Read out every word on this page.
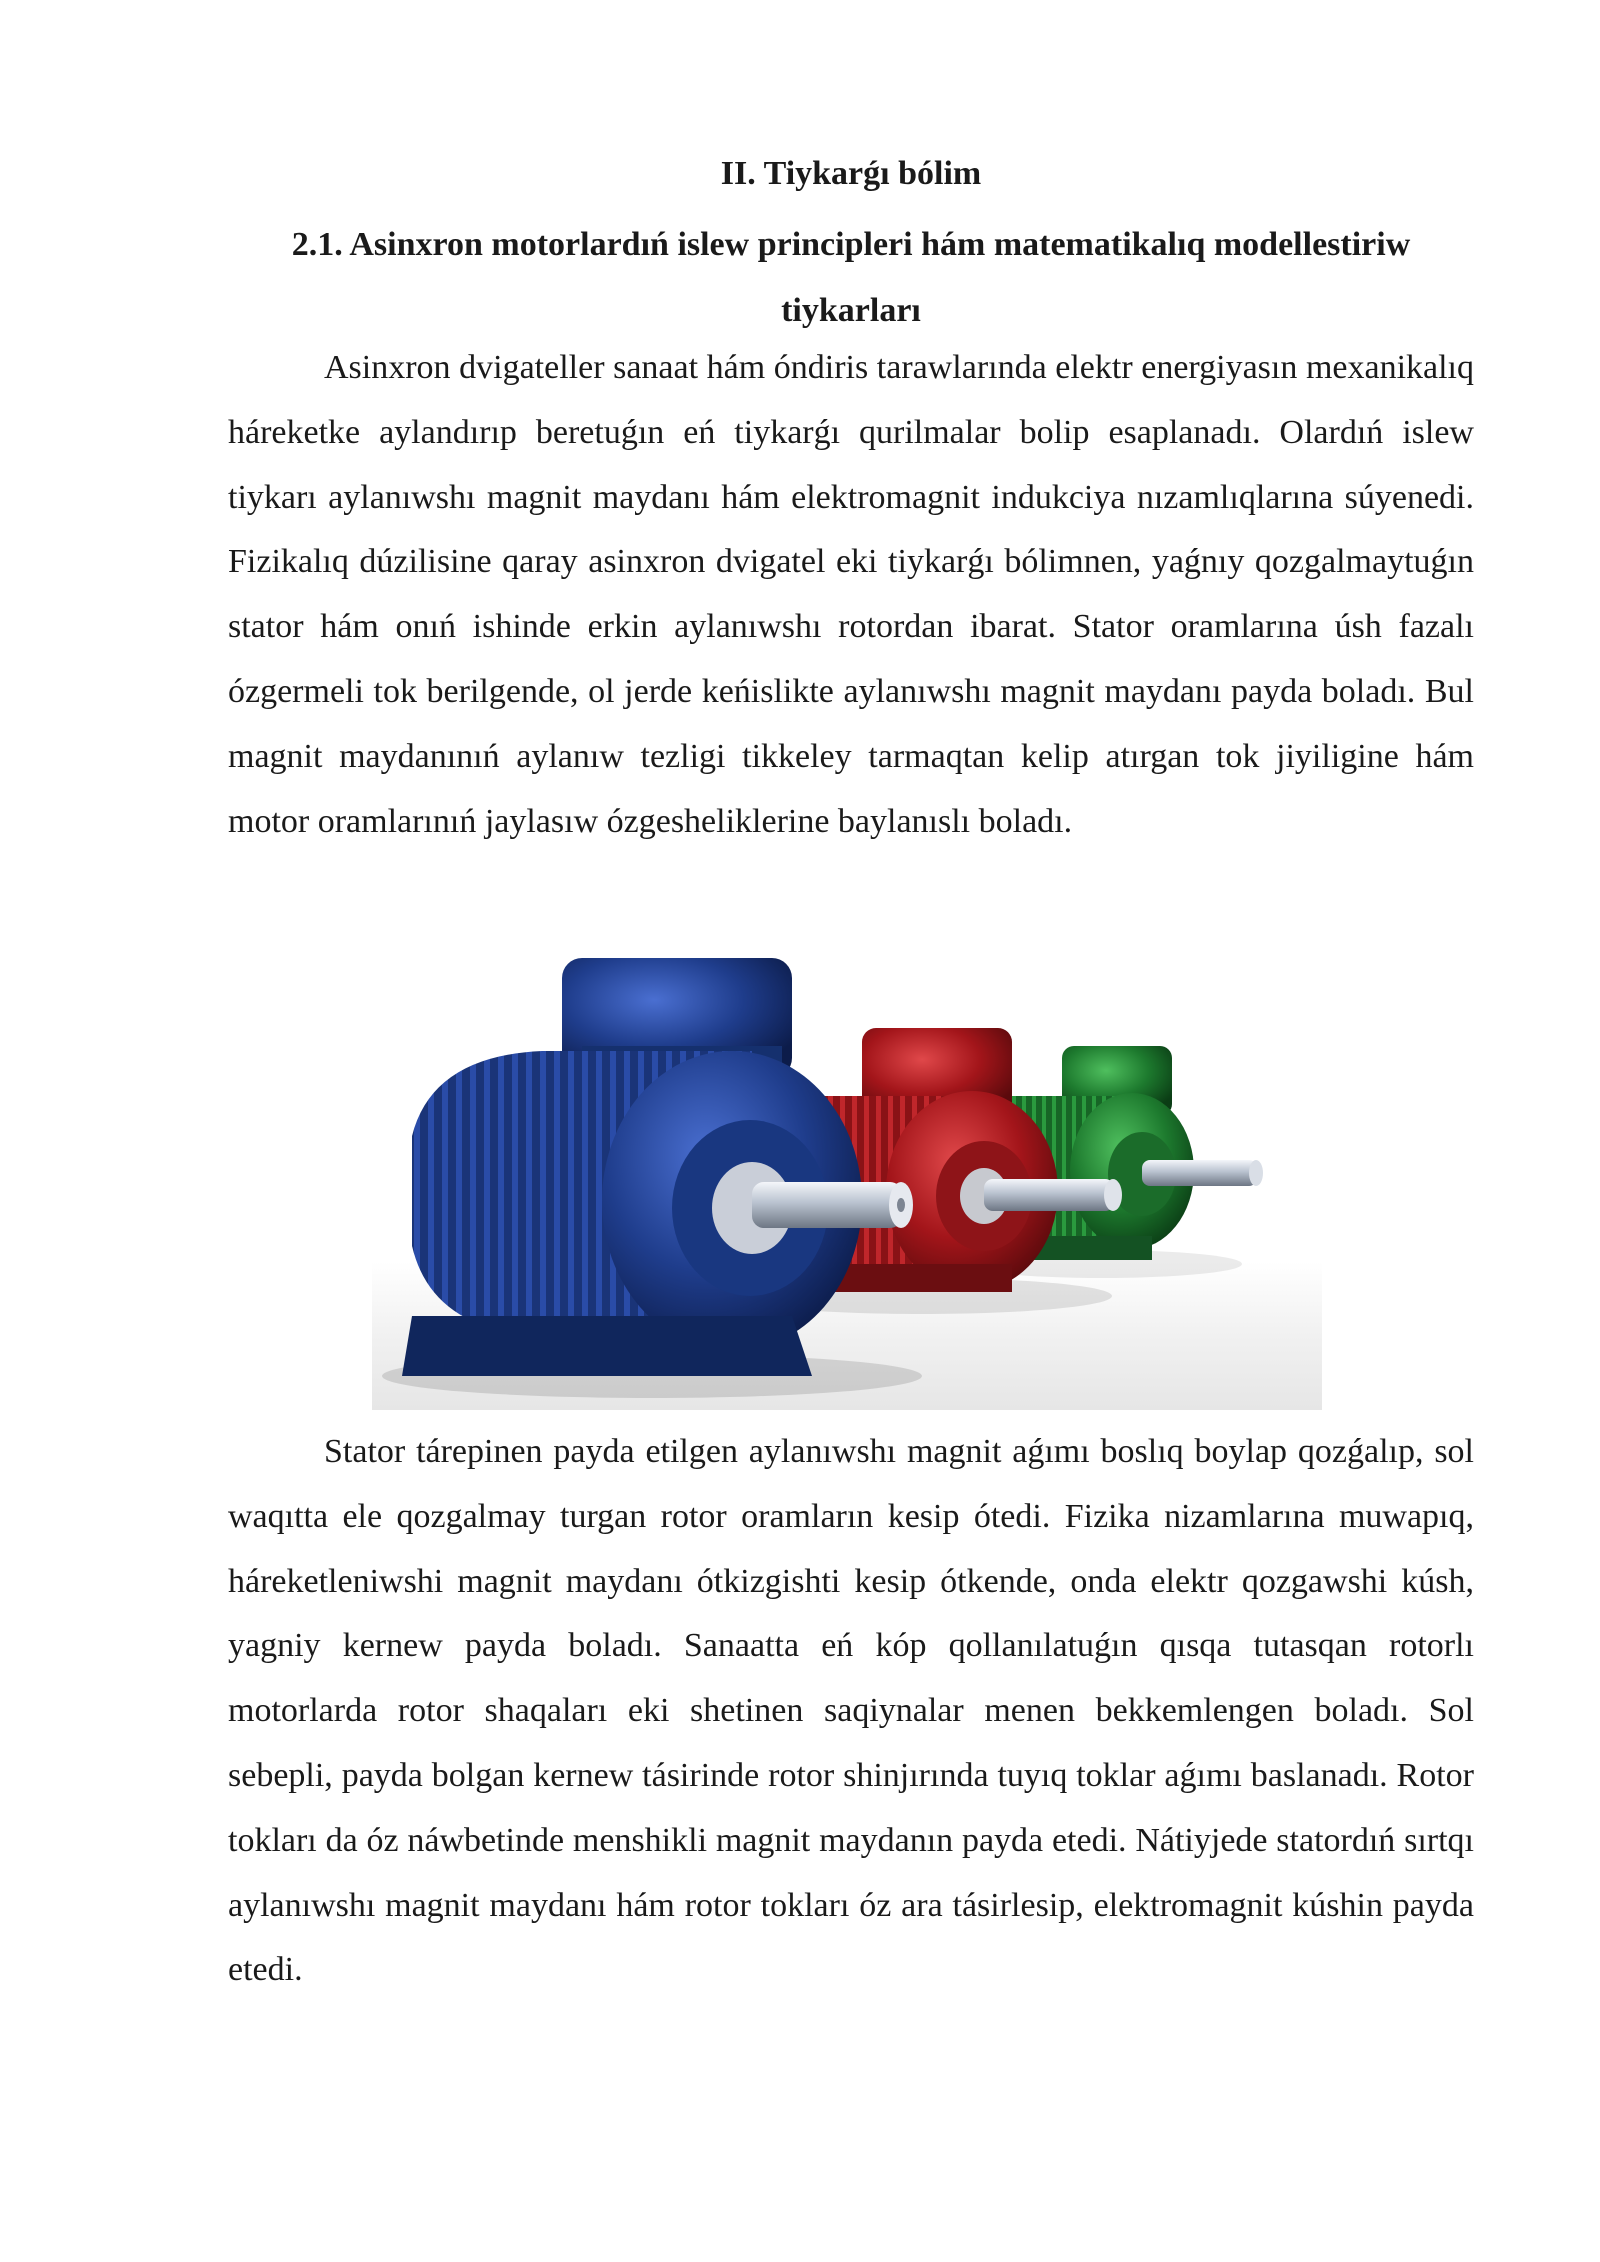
II. Tiykarǵı bólim
2.1. Asinxron motorlardıń islew principleri hám matematikalıq modellestiriw tiykarları

Asinxron dvigateller sanaat hám óndiris tarawlarında elektr energiyasın mexanikalıq háreketke aylandırıp beretuǵın eń tiykarǵı qurilmalar bolip esaplanadı. Olardıń islew tiykarı aylanıwshı magnit maydanı hám elektromagnit indukciya nızamlıqlarına súyenedi. Fizikalıq dúzilisine qaray asinxron dvigatel eki tiykarǵı bólimnen, yaǵnıy qozgalmaytuǵın stator hám onıń ishinde erkin aylanıwshı rotordan ibarat. Stator oramlarına úsh fazalı ózgermeli tok berilgende, ol jerde keńislikte aylanıwshı magnit maydanı payda boladı. Bul magnit maydanınıń aylanıw tezligi tikkeley tarmaqtan kelip atırgan tok jiyiligine hám motor oramlarınıń jaylasıw ózgesheliklerine baylanıslı boladı.

Stator tárepinen payda etilgen aylanıwshı magnit aǵımı boslıq boylap qozǵalıp, sol waqıtta ele qozgalmay turgan rotor oramların kesip ótedi. Fizika nizamlarına muwapıq, háreketleniwshi magnit maydanı ótkizgishti kesip ótkende, onda elektr qozgawshi kúsh, yagniy kernew payda boladı. Sanaatta eń kóp qollanılatuǵın qısqa tutasqan rotorlı motorlarda rotor shaqaları eki shetinen saqiynalar menen bekkemlengen boladı. Sol sebepli, payda bolgan kernew tásirinde rotor shinjırında tuyıq toklar aǵımı baslanadı. Rotor tokları da óz náwbetinde menshikli magnit maydanın payda etedi. Nátiyjede statordıń sırtqı aylanıwshı magnit maydanı hám rotor tokları óz ara tásirlesip, elektromagnit kúshin payda etedi.
